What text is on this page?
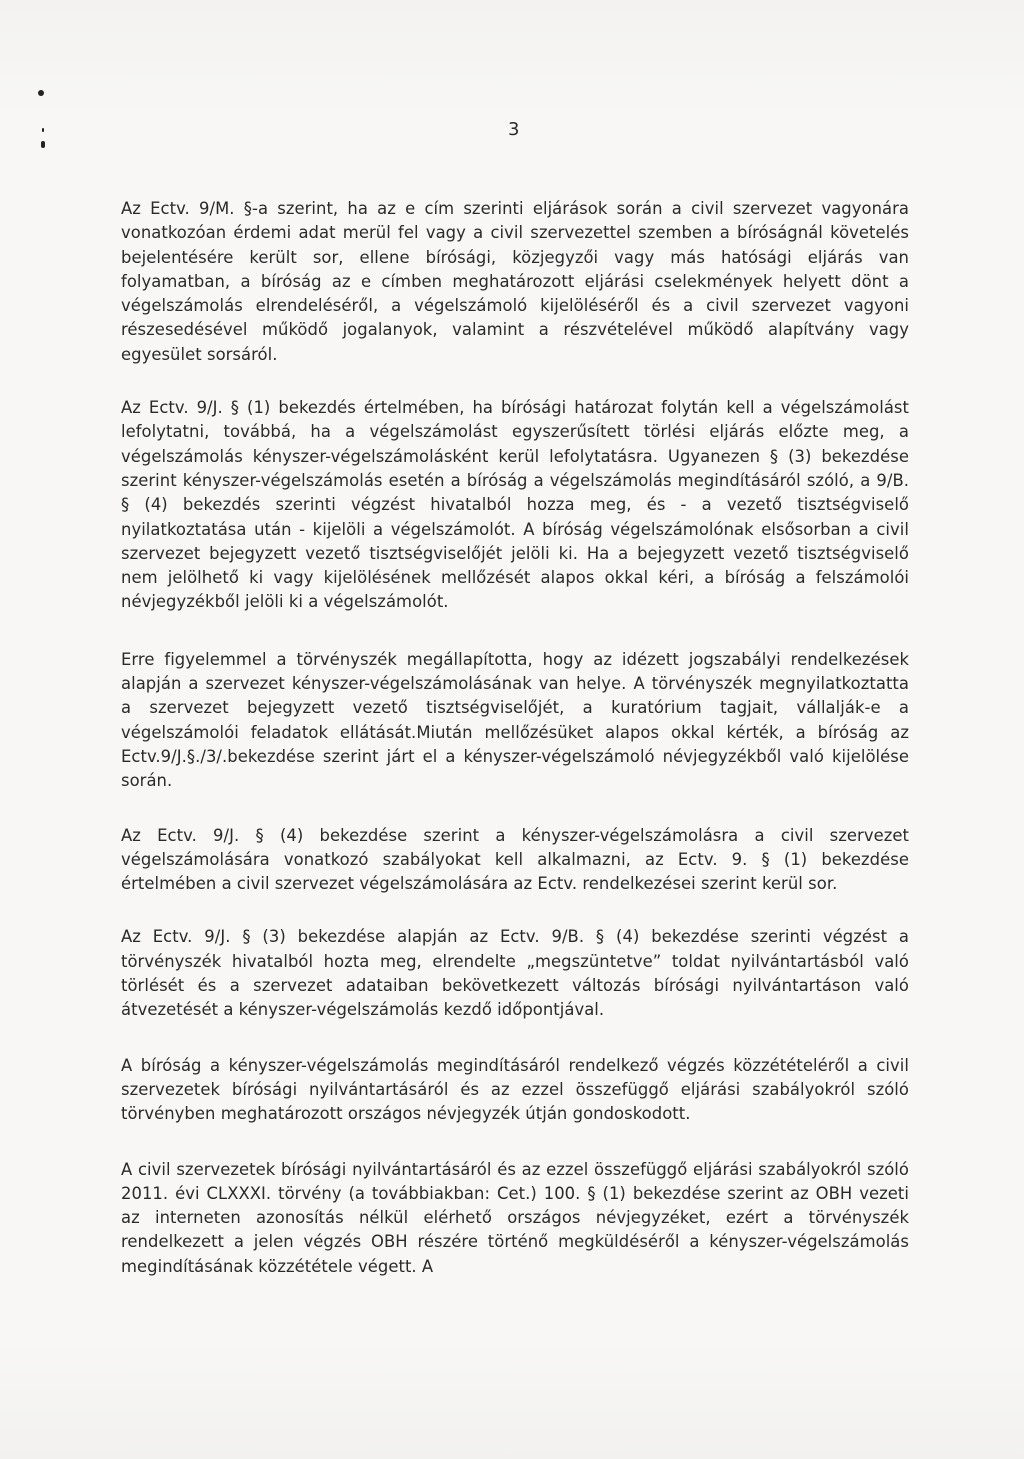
3

Az Ectv. 9/M. §-a szerint, ha az e cím szerinti eljárások során a civil szervezet vagyonára vonatkozóan érdemi adat merül fel vagy a civil szervezettel szemben a bíróságnál követelés bejelentésére került sor, ellene bírósági, közjegyzői vagy más hatósági eljárás van folyamatban, a bíróság az e címben meghatározott eljárási cselekmények helyett dönt a végelszámolás elrendeléséről, a végelszámoló kijelöléséről és a civil szervezet vagyoni részesedésével működő jogalanyok, valamint a részvételével működő alapítvány vagy egyesület sorsáról.

Az Ectv. 9/J. § (1) bekezdés értelmében, ha bírósági határozat folytán kell a végelszámolást lefolytatni, továbbá, ha a végelszámolást egyszerűsített törlési eljárás előzte meg, a végelszámolás kényszer-végelszámolásként kerül lefolytatásra. Ugyanezen § (3) bekezdése szerint kényszer-végelszámolás esetén a bíróság a végelszámolás megindításáról szóló, a 9/B. § (4) bekezdés szerinti végzést hivatalból hozza meg, és - a vezető tisztségviselő nyilatkoztatása után - kijelöli a végelszámolót. A bíróság végelszámolónak elsősorban a civil szervezet bejegyzett vezető tisztségviselőjét jelöli ki. Ha a bejegyzett vezető tisztségviselő nem jelölhető ki vagy kijelölésének mellőzését alapos okkal kéri, a bíróság a felszámolói névjegyzékből jelöli ki a végelszámolót.

Erre figyelemmel a törvényszék megállapította, hogy az idézett jogszabályi rendelkezések alapján a szervezet kényszer-végelszámolásának van helye. A törvényszék megnyilatkoztatta a szervezet bejegyzett vezető tisztségviselőjét, a kuratórium tagjait, vállalják-e a végelszámolói feladatok ellátását.Miután mellőzésüket alapos okkal kérték, a bíróság az Ectv.9/J.§./3/.bekezdése szerint járt el a kényszer-végelszámoló névjegyzékből való kijelölése során.

Az Ectv. 9/J. § (4) bekezdése szerint a kényszer-végelszámolásra a civil szervezet végelszámolására vonatkozó szabályokat kell alkalmazni, az Ectv. 9. § (1) bekezdése értelmében a civil szervezet végelszámolására az Ectv. rendelkezései szerint kerül sor.

Az Ectv. 9/J. § (3) bekezdése alapján az Ectv. 9/B. § (4) bekezdése szerinti végzést a törvényszék hivatalból hozta meg, elrendelte „megszüntetve” toldat nyilvántartásból való törlését és a szervezet adataiban bekövetkezett változás bírósági nyilvántartáson való átvezetését a kényszer-végelszámolás kezdő időpontjával.

A bíróság a kényszer-végelszámolás megindításáról rendelkező végzés közzétételéről a civil szervezetek bírósági nyilvántartásáról és az ezzel összefüggő eljárási szabályokról szóló törvényben meghatározott országos névjegyzék útján gondoskodott.

A civil szervezetek bírósági nyilvántartásáról és az ezzel összefüggő eljárási szabályokról szóló 2011. évi CLXXXI. törvény (a továbbiakban: Cet.) 100. § (1) bekezdése szerint az OBH vezeti az interneten azonosítás nélkül elérhető országos névjegyzéket, ezért a törvényszék rendelkezett a jelen végzés OBH részére történő megküldéséről a kényszer-végelszámolás megindításának közzététele végett. A
